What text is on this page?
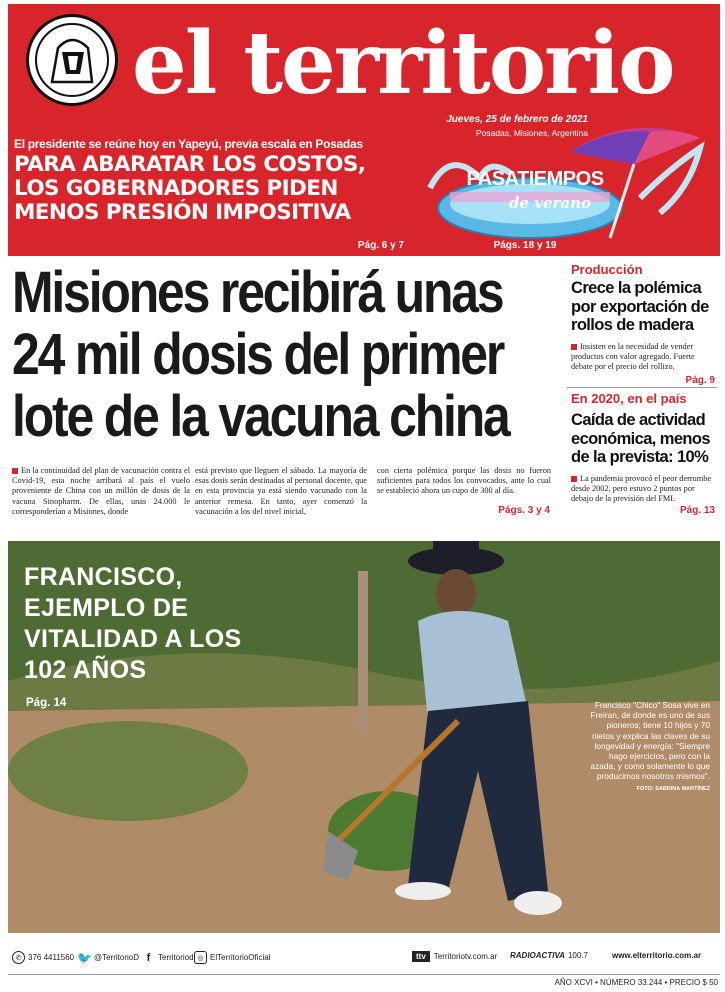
el territorio
Jueves, 25 de febrero de 2021
Posadas, Misiones, Argentina
El presidente se reúne hoy en Yapeyú, previa escala en Posadas
PARA ABARATAR LOS COSTOS, LOS GOBERNADORES PIDEN MENOS PRESIÓN IMPOSITIVA
Pág. 6 y 7
PASATIEMPOS
de verano
Págs. 18 y 19
Misiones recibirá unas 24 mil dosis del primer lote de la vacuna china
En la continuidad del plan de vacunación contra el Covid-19, esta noche arribará al país el vuelo proveniente de China con un millón de dosis de la vacuna Sinopharm. De ellas, unas 24.000 le corresponderían a Misiones, donde
está previsto que lleguen el sábado. La mayoría de esas dosis serán destinadas al personal docente, que en esta provincia ya está siendo vacunado con la anterior remesa. En tanto, ayer comenzó la vacunación a los del nivel inicial,
con cierta polémica porque las dosis no fueron suficientes para todos los convocados, ante lo cual se estableció ahora un cupo de 300 al día.
Págs. 3 y 4
Producción
Crece la polémica por exportación de rollos de madera
Insisten en la necesidad de vender productos con valor agregado. Fuerte debate por el precio del rollizo.
Pág. 9
En 2020, en el país
Caída de actividad económica, menos de la prevista: 10%
La pandemia provocó el peor derrumbe desde 2002, pero estuvo 2 puntos por debajo de la previsión del FMI.
Pág. 13
FRANCISCO, EJEMPLO DE VITALIDAD A LOS 102 AÑOS
Pág. 14	Francisco "Chico" Sosa vive en Freiran, de donde es uno de sus pioneros; tiene 10 hijos y 70 nietos y explica las claves de su longevidad y energía: "Siempre hago ejercicios, pero con la azada, y como solamente lo que producimos nosotros mismos". FOTO: SABRINA MARTÍNEZ
✆ 376 4411560 🐦 @TerritorioD f Territoriod ◎ ElTerritorioOficial	ttv	Territoriotv.com.ar RADIOACTIVA 100.7	www.elterritorio.com.ar
AÑO XCVI • NÚMERO 33.244 • PRECIO $ 50
